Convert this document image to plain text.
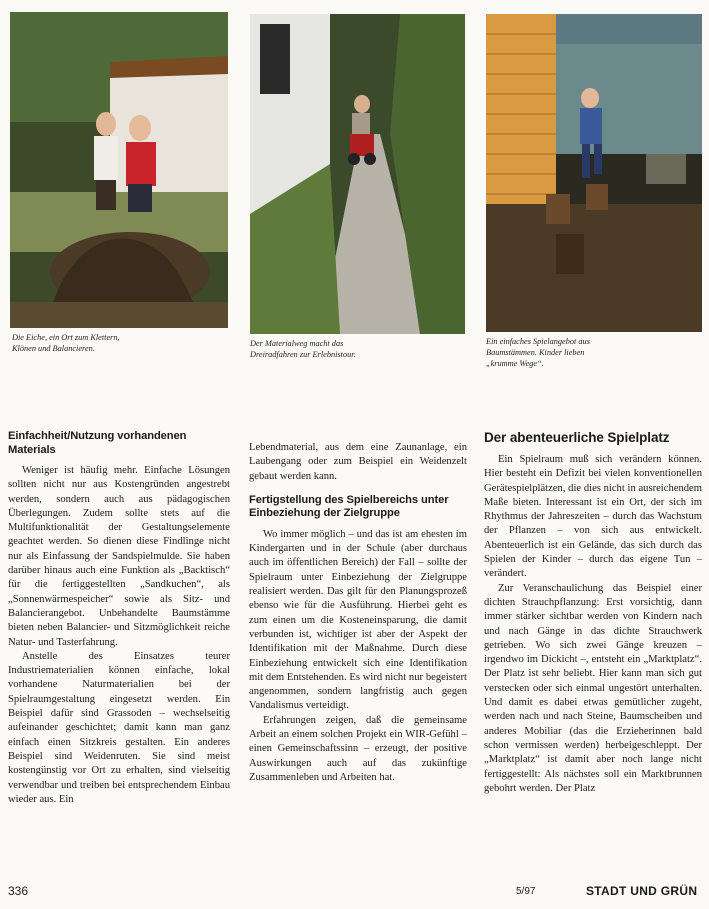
Die Eiche, ein Ort zum Klettern, Klönen und Balancieren.

Der Materialweg macht das Dreiradfahren zur Erlebnistour.

Ein einfaches Spielangebot aus Baumstämmen. Kinder lieben „krumme Wege“.

Einfachheit/Nutzung vorhandenen Materials

Weniger ist häufig mehr. Einfache Lösungen sollten nicht nur aus Kostengründen angestrebt werden, sondern auch aus pädagogischen Überlegungen. Zudem sollte stets auf die Multifunktionalität der Gestaltungselemente geachtet werden. So dienen diese Findlinge nicht nur als Einfassung der Sandspielmulde. Sie haben darüber hinaus auch eine Funktion als „Backtisch“ für die fertiggestellten „Sandkuchen“, als „Sonnenwärmespeicher“ sowie als Sitz- und Balancierangebot. Unbehandelte Baumstämme bieten neben Balancier- und Sitzmöglichkeit reiche Natur- und Tasterfahrung.

Anstelle des Einsatzes teurer Industriematerialien können einfache, lokal vorhandene Naturmaterialien bei der Spielraumgestaltung eingesetzt werden. Ein Beispiel dafür sind Grassoden – wechselseitig aufeinander geschichtet; damit kann man ganz einfach einen Sitzkreis gestalten. Ein anderes Beispiel sind Weidenruten. Sie sind meist kostengünstig vor Ort zu erhalten, sind vielseitig verwendbar und treiben bei entsprechendem Einbau wieder aus. Ein

Lebendmaterial, aus dem eine Zaunanlage, ein Laubengang oder zum Beispiel ein Weidenzelt gebaut werden kann.

Fertigstellung des Spielbereichs unter Einbeziehung der Zielgruppe

Wo immer möglich – und das ist am ehesten im Kindergarten und in der Schule (aber durchaus auch im öffentlichen Bereich) der Fall – sollte der Spielraum unter Einbeziehung der Zielgruppe realisiert werden. Das gilt für den Planungsprozeß ebenso wie für die Ausführung. Hierbei geht es zum einen um die Kosteneinsparung, die damit verbunden ist, wichtiger ist aber der Aspekt der Identifikation mit der Maßnahme. Durch diese Einbeziehung entwickelt sich eine Identifikation mit dem Entstehenden. Es wird nicht nur begeistert angenommen, sondern langfristig auch gegen Vandalismus verteidigt.

Erfahrungen zeigen, daß die gemeinsame Arbeit an einem solchen Projekt ein WIR-Gefühl – einen Gemeinschaftssinn – erzeugt, der positive Auswirkungen auch auf das zukünftige Zusammenleben und Arbeiten hat.

Der abenteuerliche Spielplatz

Ein Spielraum muß sich verändern können. Hier besteht ein Defizit bei vielen konventionellen Gerätespielplätzen, die dies nicht in ausreichendem Maße bieten. Interessant ist ein Ort, der sich im Rhythmus der Jahreszeiten – durch das Wachstum der Pflanzen – von sich aus entwickelt. Abenteuerlich ist ein Gelände, das sich durch das Spielen der Kinder – durch das eigene Tun – verändert.

Zur Veranschaulichung das Beispiel einer dichten Strauchpflanzung: Erst vorsichtig, dann immer stärker sichtbar werden von Kindern nach und nach Gänge in das dichte Strauchwerk getrieben. Wo sich zwei Gänge kreuzen – irgendwo im Dickicht –, entsteht ein „Marktplatz“. Der Platz ist sehr beliebt. Hier kann man sich gut verstecken oder sich einmal ungestört unterhalten. Und damit es dabei etwas gemütlicher zugeht, werden nach und nach Steine, Baumscheiben und anderes Mobiliar (das die Erzieherinnen bald schon vermissen werden) herbeigeschleppt. Der „Marktplatz“ ist damit aber noch lange nicht fertiggestellt: Als nächstes soll ein Marktbrunnen gebohrt werden. Der Platz

336	5/97	STADT UND GRÜN
